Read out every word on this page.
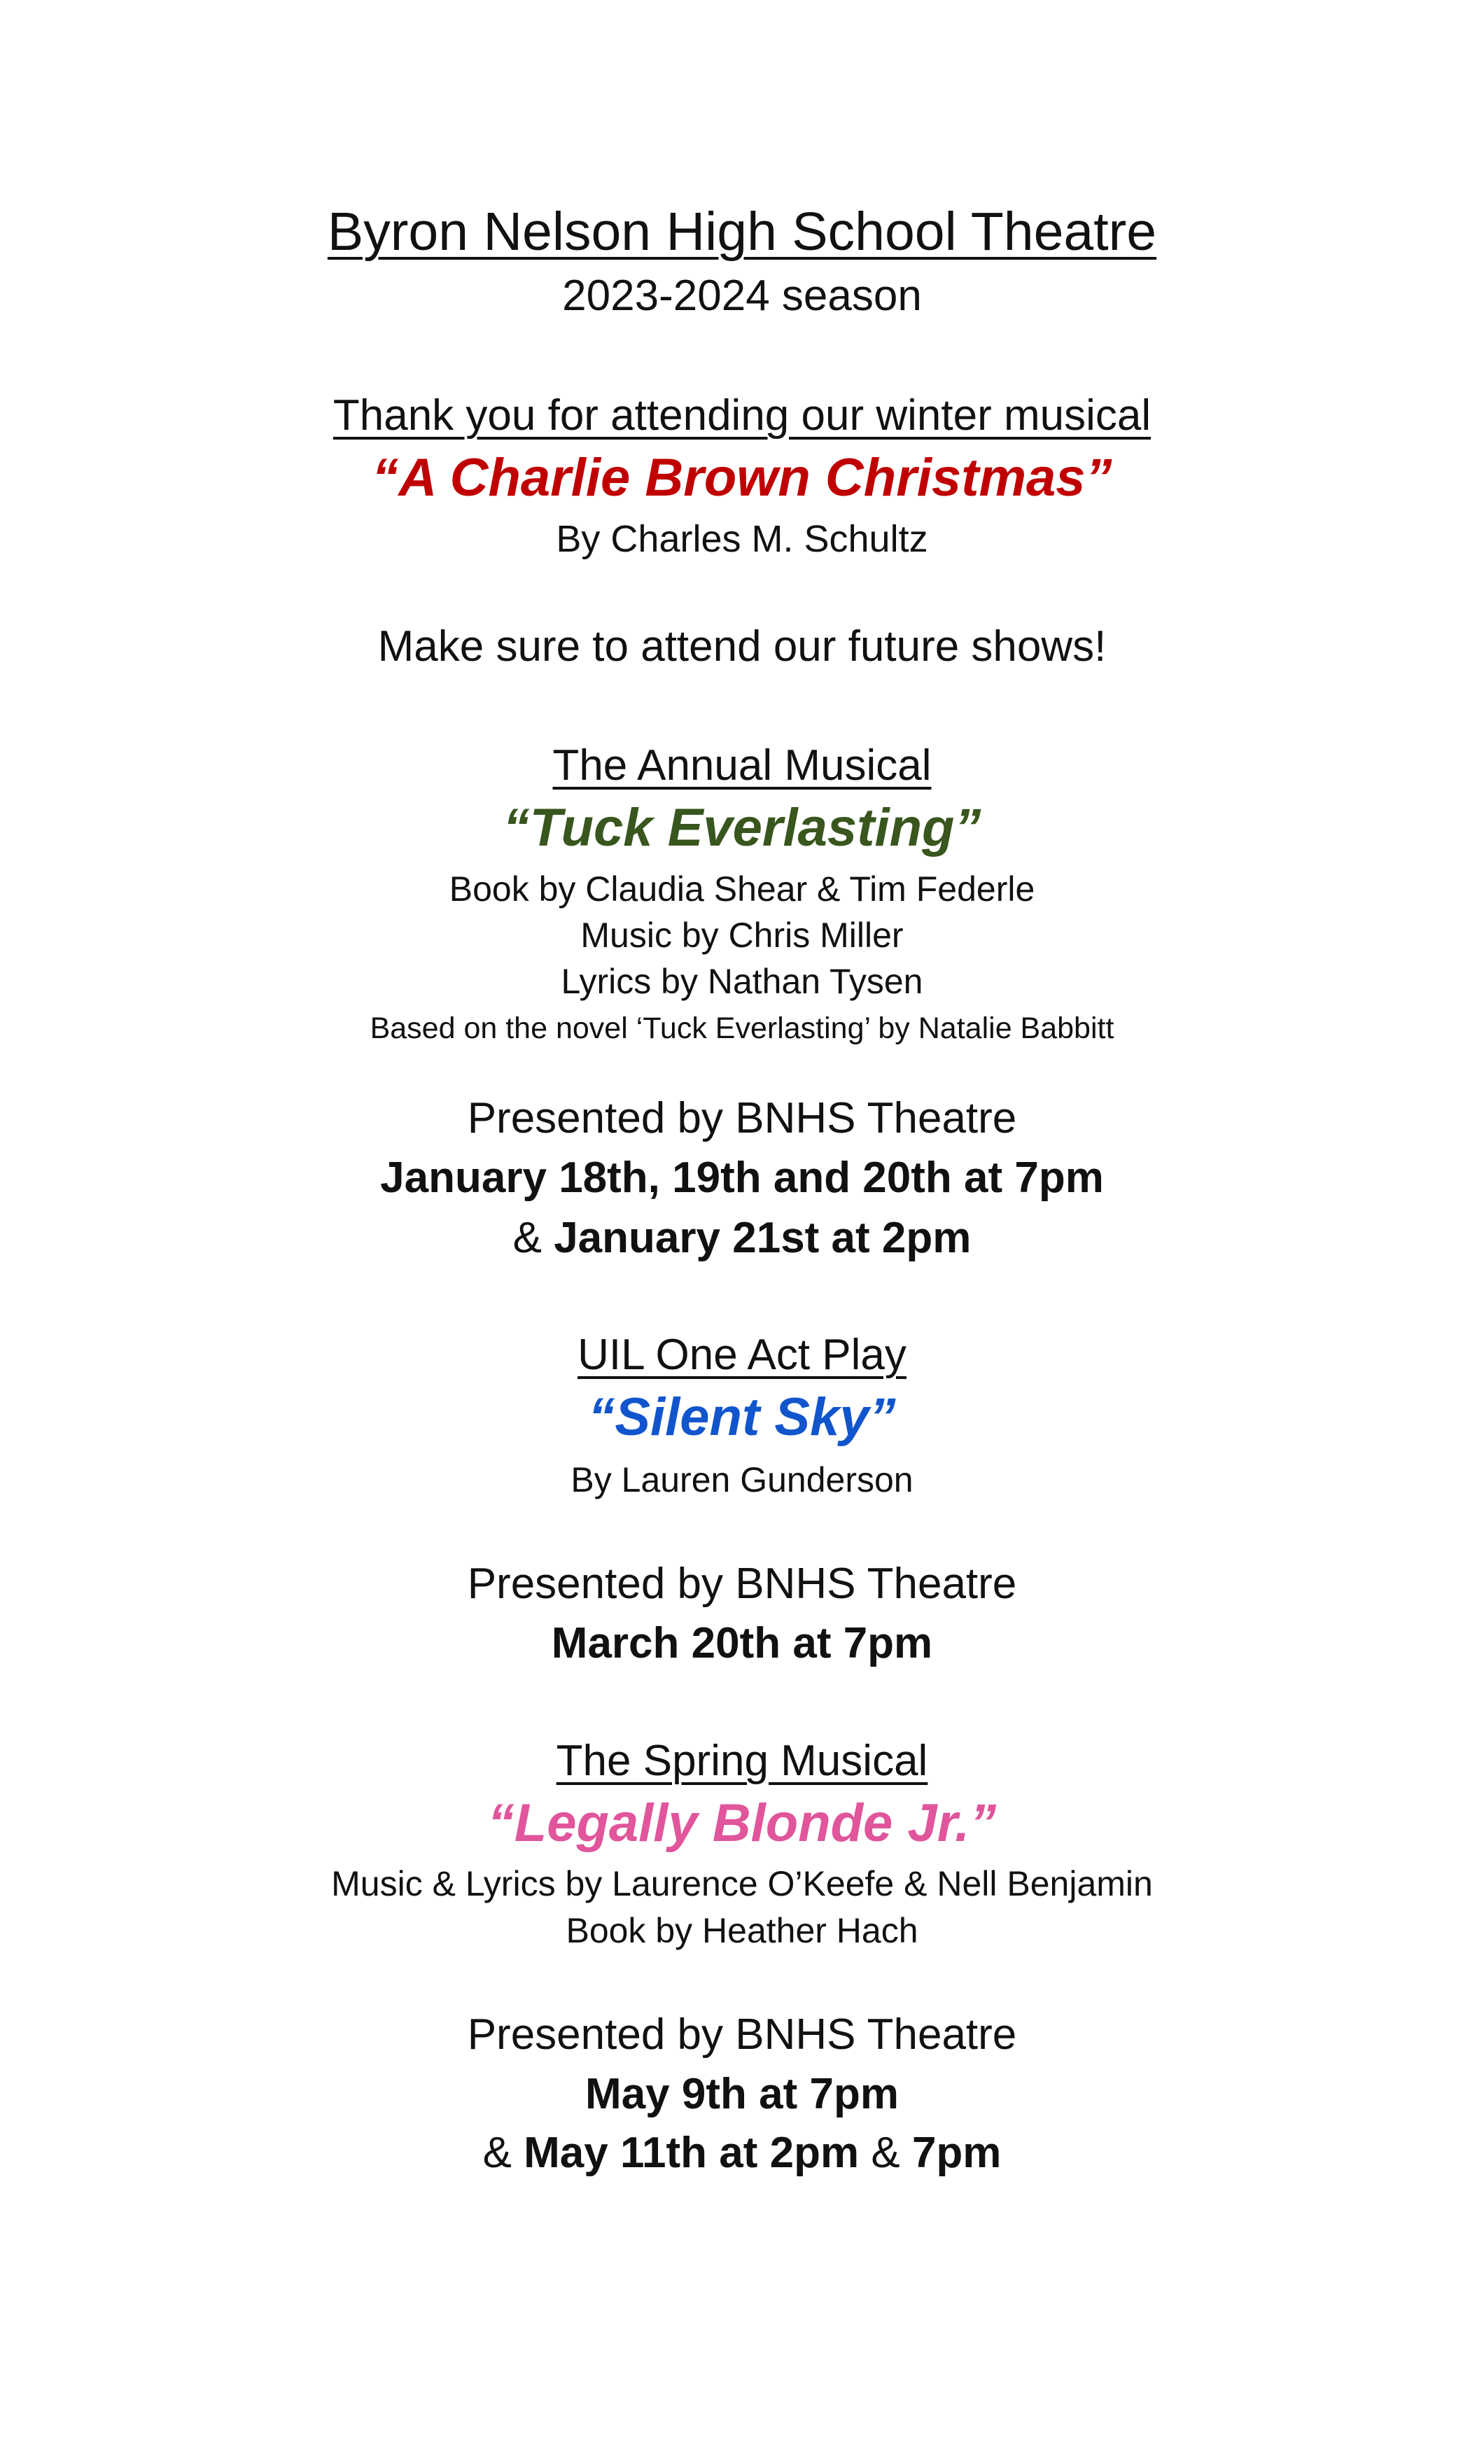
Byron Nelson High School Theatre

2023-2024 season

Thank you for attending our winter musical

“A Charlie Brown Christmas”

By Charles M. Schultz

Make sure to attend our future shows!

The Annual Musical

“Tuck Everlasting”

Book by Claudia Shear & Tim Federle

Music by Chris Miller

Lyrics by Nathan Tysen

Based on the novel ‘Tuck Everlasting’ by Natalie Babbitt

Presented by BNHS Theatre

January 18th, 19th and 20th at 7pm

& January 21st at 2pm

UIL One Act Play

“Silent Sky”

By Lauren Gunderson

Presented by BNHS Theatre

March 20th at 7pm

The Spring Musical

“Legally Blonde Jr.”

Music & Lyrics by Laurence O’Keefe & Nell Benjamin

Book by Heather Hach

Presented by BNHS Theatre

May 9th at 7pm

& May 11th at 2pm & 7pm
